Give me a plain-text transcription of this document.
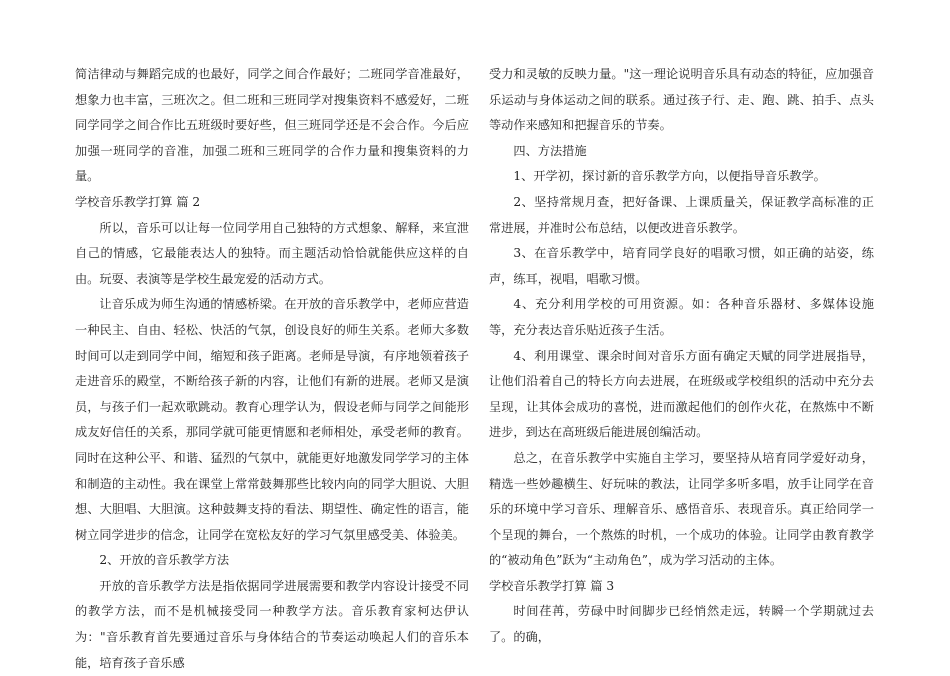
简洁律动与舞蹈完成的也最好，同学之间合作最好；二班同学音准最好，想象力也丰富，三班次之。但二班和三班同学对搜集资料不感爱好，二班同学同学之间合作比五班级时要好些，但三班同学还是不会合作。今后应加强一班同学的音准，加强二班和三班同学的合作力量和搜集资料的力量。

学校音乐教学打算 篇 2

所以，音乐可以让每一位同学用自己独特的方式想象、解释，来宣泄自己的情感，它最能表达人的独特。而主题活动恰恰就能供应这样的自由。玩耍、表演等是学校生最宠爱的活动方式。

让音乐成为师生沟通的情感桥梁。在开放的音乐教学中，老师应营造一种民主、自由、轻松、快活的气氛，创设良好的师生关系。老师大多数时间可以走到同学中间，缩短和孩子距离。老师是导演，有序地领着孩子走进音乐的殿堂，不断给孩子新的内容，让他们有新的进展。老师又是演员，与孩子们一起欢歌跳动。教育心理学认为，假设老师与同学之间能形成友好信任的关系，那同学就可能更情愿和老师相处，承受老师的教育。同时在这种公平、和谐、猛烈的气氛中，就能更好地激发同学学习的主体和制造的主动性。我在课堂上常常鼓舞那些比较内向的同学大胆说、大胆想、大胆唱、大胆演。这种鼓舞支持的看法、期望性、确定性的语言，能树立同学进步的信念，让同学在宽松友好的学习气氛里感受美、体验美。

2、开放的音乐教学方法

开放的音乐教学方法是指依据同学进展需要和教学内容设计接受不同的教学方法，而不是机械接受同一种教学方法。音乐教育家柯达伊认为："音乐教育首先要通过音乐与身体结合的节奏运动唤起人们的音乐本能，培育孩子音乐感

受力和灵敏的反映力量。"这一理论说明音乐具有动态的特征，应加强音乐运动与身体运动之间的联系。通过孩子行、走、跑、跳、拍手、点头等动作来感知和把握音乐的节奏。

四、方法措施

1、开学初，探讨新的音乐教学方向，以便指导音乐教学。

2、坚持常规月查，把好备课、上课质量关，保证教学高标准的正常进展，并准时公布总结，以便改进音乐教学。

3、在音乐教学中，培育同学良好的唱歌习惯，如正确的站姿，练声，练耳，视唱，唱歌习惯。

4、充分利用学校的可用资源。如：各种音乐器材、多媒体设施等，充分表达音乐贴近孩子生活。

4、利用课堂、课余时间对音乐方面有确定天赋的同学进展指导，让他们沿着自己的特长方向去进展，在班级或学校组织的活动中充分去呈现，让其体会成功的喜悦，进而激起他们的创作火花，在熬炼中不断进步，到达在高班级后能进展创编活动。

总之，在音乐教学中实施自主学习，要坚持从培育同学爱好动身，精选一些妙趣横生、好玩味的教法，让同学多听多唱，放手让同学在音乐的环境中学习音乐、理解音乐、感悟音乐、表现音乐。真正给同学一个呈现的舞台，一个熬炼的时机，一个成功的体验。让同学由教育教学的“被动角色”跃为“主动角色”，成为学习活动的主体。

学校音乐教学打算 篇 3

时间荏苒，劳碌中时间脚步已经悄然走远，转瞬一个学期就过去了。的确，
